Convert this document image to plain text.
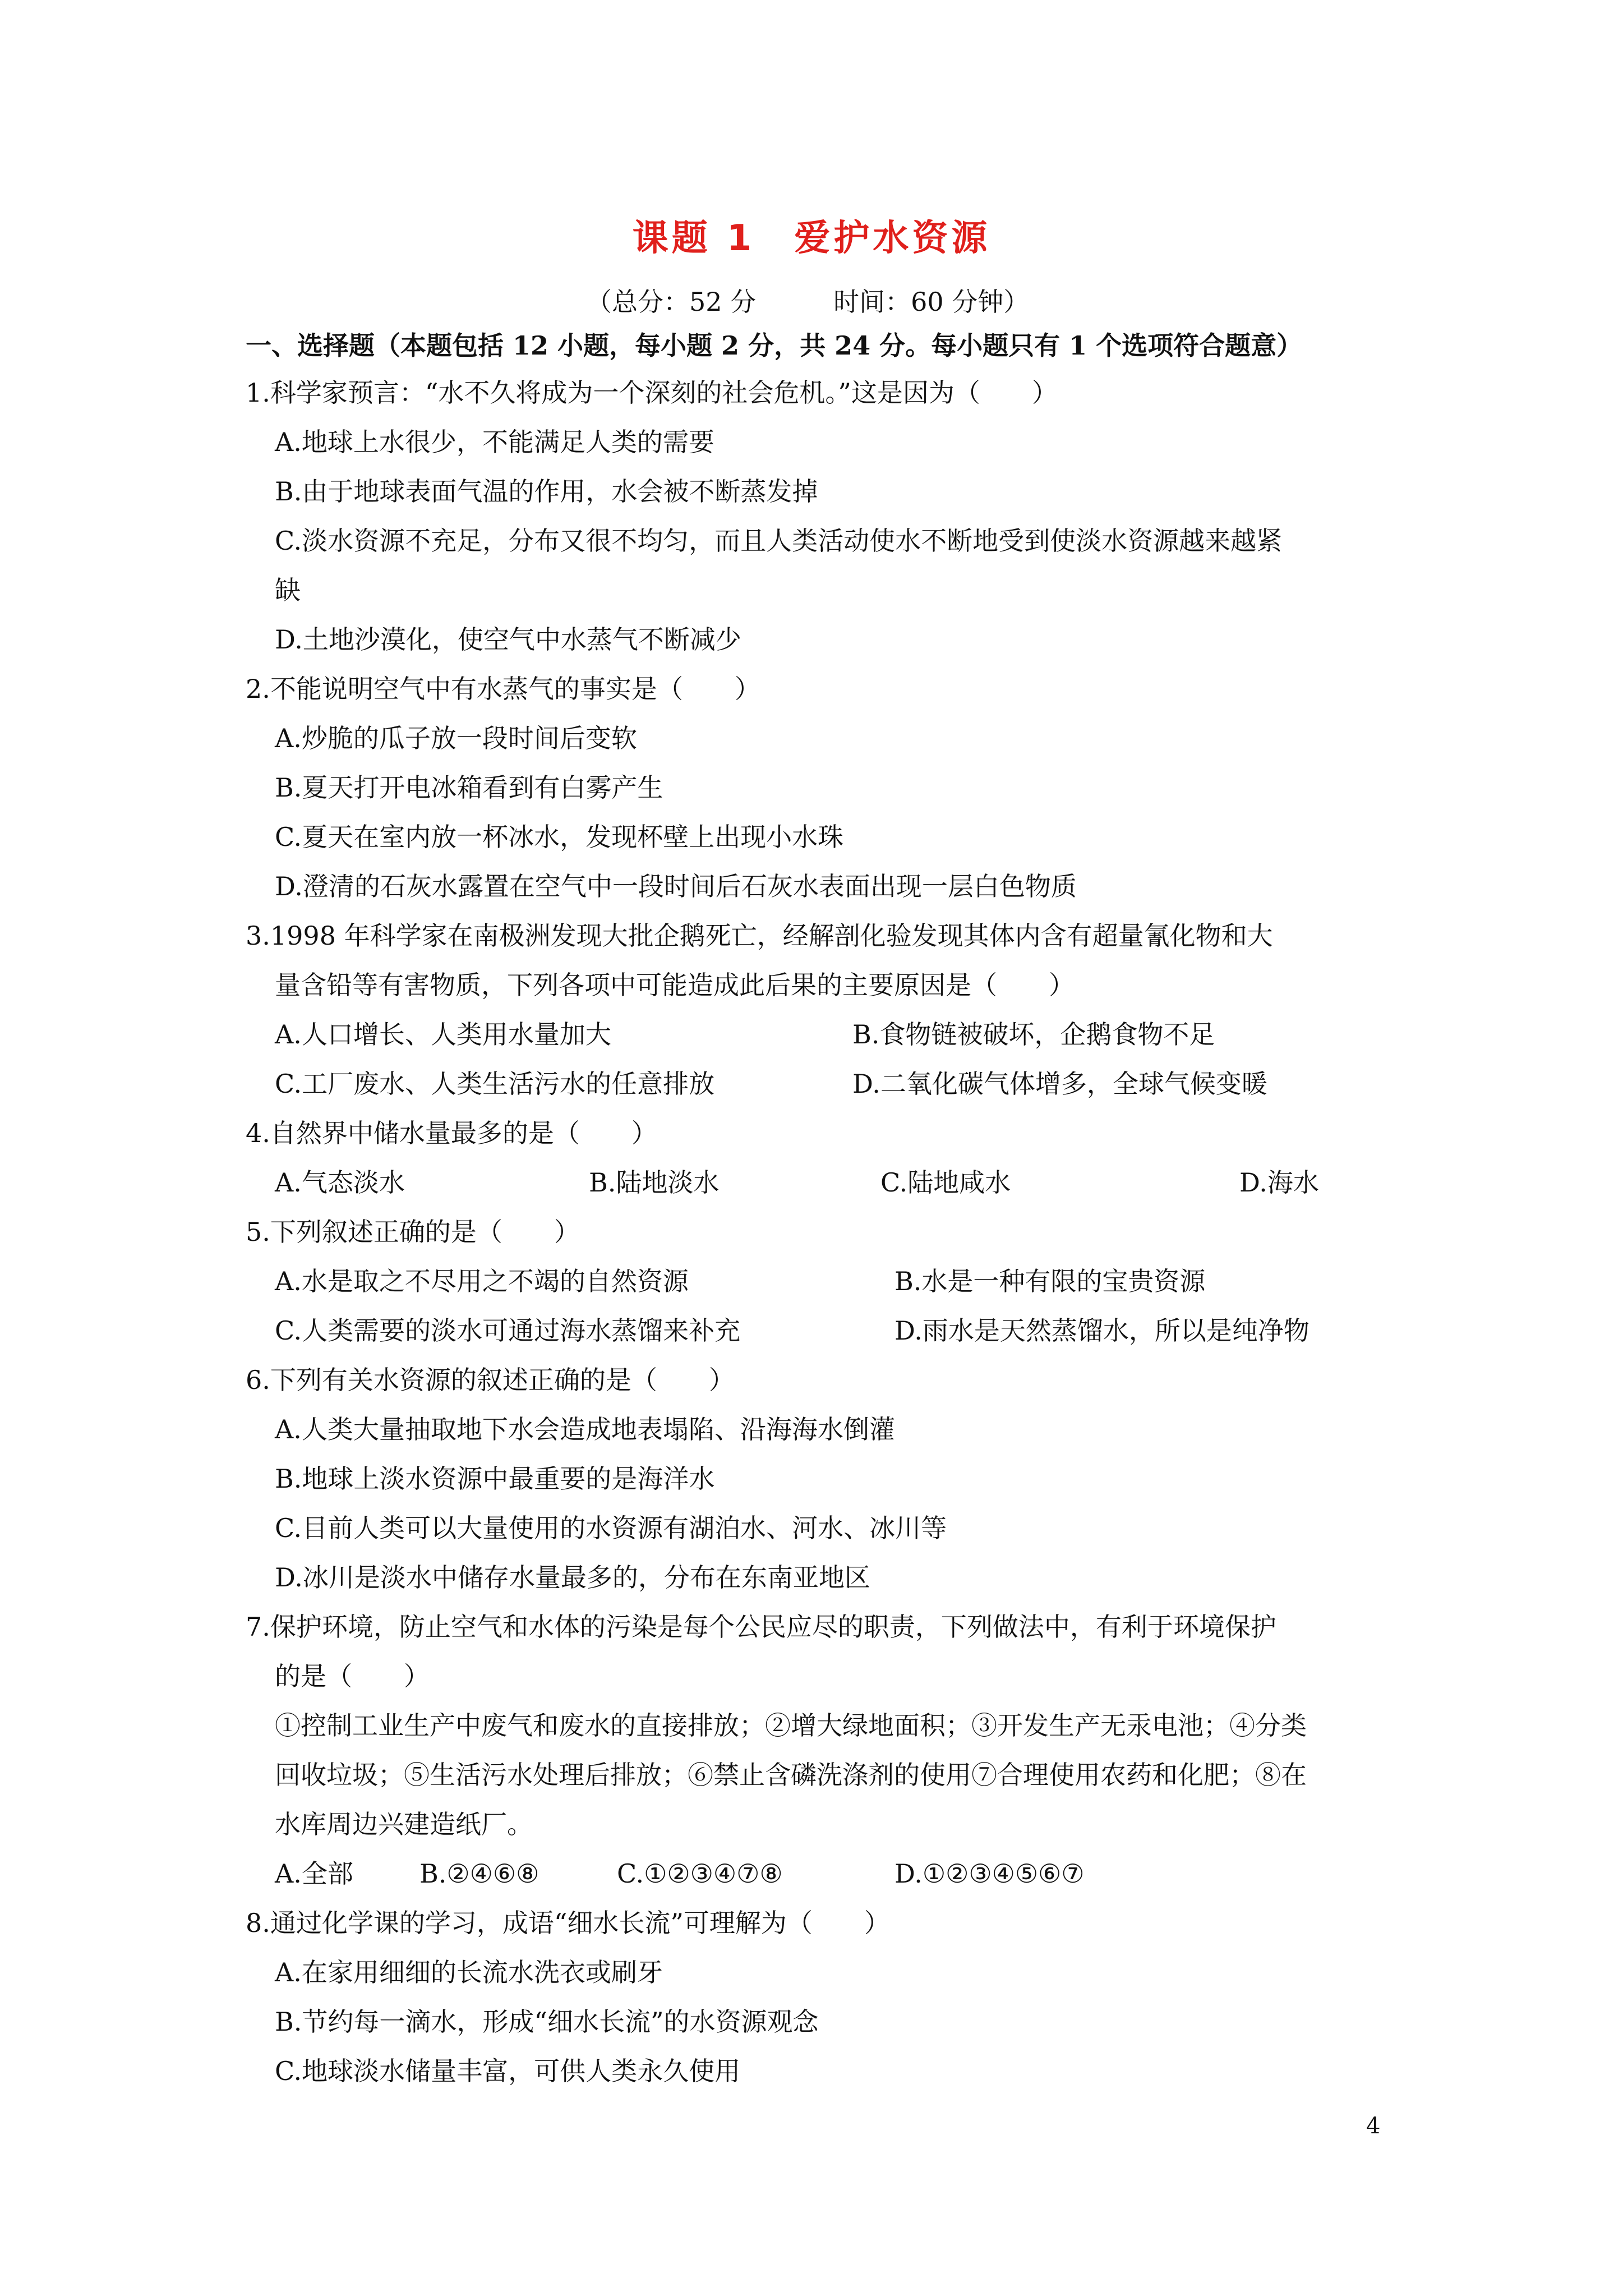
课题 1　爱护水资源
（总分：52 分　　　时间：60 分钟）
一、选择题（本题包括 12 小题，每小题 2 分，共 24 分。每小题只有 1 个选项符合题意）
1.科学家预言：“水不久将成为一个深刻的社会危机。”这是因为（　　）
A.地球上水很少，不能满足人类的需要
B.由于地球表面气温的作用，水会被不断蒸发掉
C.淡水资源不充足，分布又很不均匀，而且人类活动使水不断地受到使淡水资源越来越紧
缺
D.土地沙漠化，使空气中水蒸气不断减少
2.不能说明空气中有水蒸气的事实是（　　）
A.炒脆的瓜子放一段时间后变软
B.夏天打开电冰箱看到有白雾产生
C.夏天在室内放一杯冰水，发现杯壁上出现小水珠
D.澄清的石灰水露置在空气中一段时间后石灰水表面出现一层白色物质
3.1998 年科学家在南极洲发现大批企鹅死亡，经解剖化验发现其体内含有超量氰化物和大
量含铅等有害物质，下列各项中可能造成此后果的主要原因是（　　）
A.人口增长、人类用水量加大	B.食物链被破坏，企鹅食物不足
C.工厂废水、人类生活污水的任意排放	D.二氧化碳气体增多，全球气候变暖
4.自然界中储水量最多的是（　　）
A.气态淡水	B.陆地淡水	C.陆地咸水	D.海水
5.下列叙述正确的是（　　）
A.水是取之不尽用之不竭的自然资源	B.水是一种有限的宝贵资源
C.人类需要的淡水可通过海水蒸馏来补充	D.雨水是天然蒸馏水，所以是纯净物
6.下列有关水资源的叙述正确的是（　　）
A.人类大量抽取地下水会造成地表塌陷、沿海海水倒灌
B.地球上淡水资源中最重要的是海洋水
C.目前人类可以大量使用的水资源有湖泊水、河水、冰川等
D.冰川是淡水中储存水量最多的，分布在东南亚地区
7.保护环境，防止空气和水体的污染是每个公民应尽的职责，下列做法中，有利于环境保护
的是（　　）
①控制工业生产中废气和废水的直接排放；②增大绿地面积；③开发生产无汞电池；④分类
回收垃圾；⑤生活污水处理后排放；⑥禁止含磷洗涤剂的使用⑦合理使用农药和化肥；⑧在
水库周边兴建造纸厂。
A.全部	B.②④⑥⑧	C.①②③④⑦⑧	D.①②③④⑤⑥⑦
8.通过化学课的学习，成语“细水长流”可理解为（　　）
A.在家用细细的长流水洗衣或刷牙
B.节约每一滴水，形成“细水长流”的水资源观念
C.地球淡水储量丰富，可供人类永久使用
4
